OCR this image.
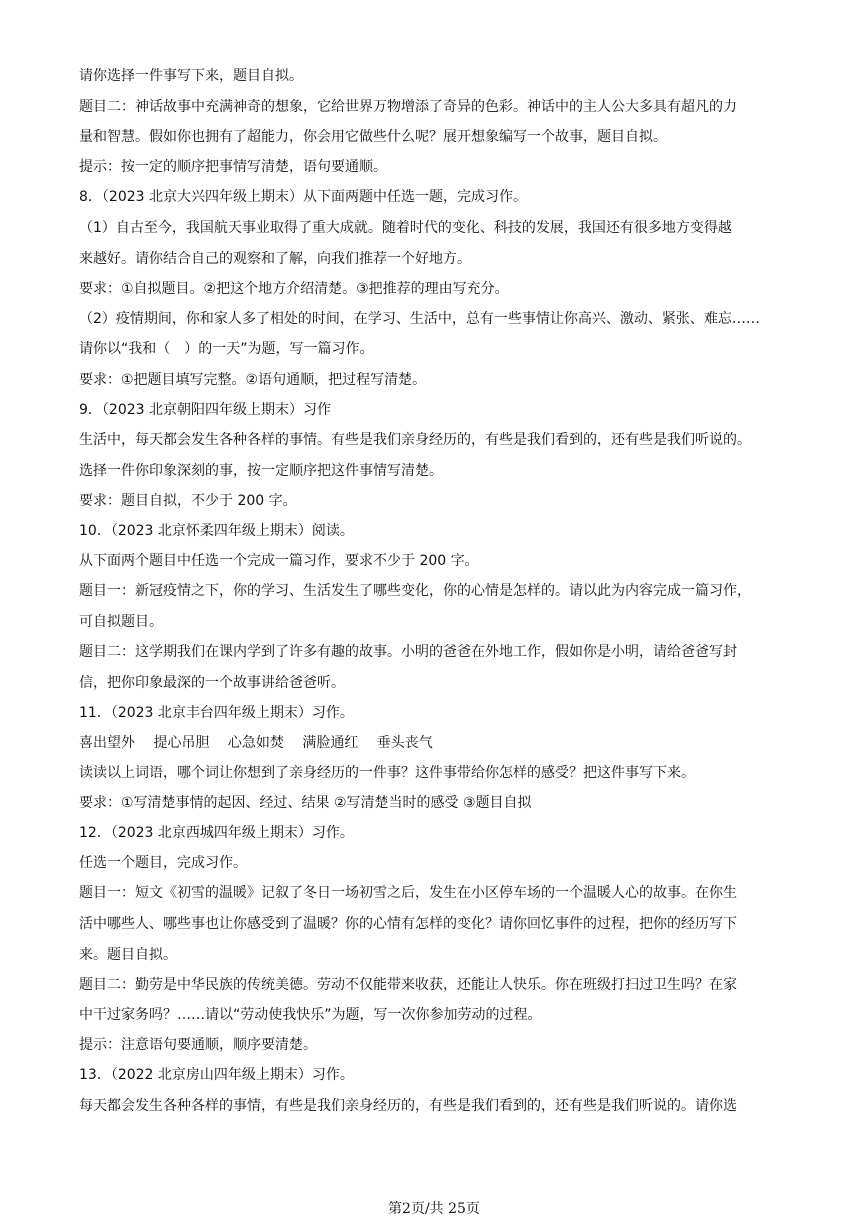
请你选择一件事写下来，题目自拟。

题目二：神话故事中充满神奇的想象，它给世界万物增添了奇异的色彩。神话中的主人公大多具有超凡的力

量和智慧。假如你也拥有了超能力，你会用它做些什么呢？展开想象编写一个故事，题目自拟。

提示：按一定的顺序把事情写清楚，语句要通顺。

8．（2023 北京大兴四年级上期末）从下面两题中任选一题，完成习作。

（1）自古至今，我国航天事业取得了重大成就。随着时代的变化、科技的发展，我国还有很多地方变得越

来越好。请你结合自己的观察和了解，向我们推荐一个好地方。

要求：①自拟题目。②把这个地方介绍清楚。③把推荐的理由写充分。

（2）疫情期间，你和家人多了相处的时间，在学习、生活中，总有一些事情让你高兴、激动、紧张、难忘……

请你以“我和（　）的一天”为题，写一篇习作。

要求：①把题目填写完整。②语句通顺，把过程写清楚。

9．（2023 北京朝阳四年级上期末）习作

生活中，每天都会发生各种各样的事情。有些是我们亲身经历的，有些是我们看到的，还有些是我们听说的。

选择一件你印象深刻的事，按一定顺序把这件事情写清楚。

要求：题目自拟，不少于 200 字。

10．（2023 北京怀柔四年级上期末）阅读。

从下面两个题目中任选一个完成一篇习作，要求不少于 200 字。

题目一：新冠疫情之下，你的学习、生活发生了哪些变化，你的心情是怎样的。请以此为内容完成一篇习作，

可自拟题目。

题目二：这学期我们在课内学到了许多有趣的故事。小明的爸爸在外地工作，假如你是小明，请给爸爸写封

信，把你印象最深的一个故事讲给爸爸听。

11．（2023 北京丰台四年级上期末）习作。

喜出望外　 提心吊胆　 心急如焚　 满脸通红　 垂头丧气

读读以上词语，哪个词让你想到了亲身经历的一件事？这件事带给你怎样的感受？把这件事写下来。

要求：①写清楚事情的起因、经过、结果 ②写清楚当时的感受 ③题目自拟

12．（2023 北京西城四年级上期末）习作。

任选一个题目，完成习作。

题目一：短文《初雪的温暖》记叙了冬日一场初雪之后，发生在小区停车场的一个温暖人心的故事。在你生

活中哪些人、哪些事也让你感受到了温暖？你的心情有怎样的变化？请你回忆事件的过程，把你的经历写下

来。题目自拟。

题目二：勤劳是中华民族的传统美德。劳动不仅能带来收获，还能让人快乐。你在班级打扫过卫生吗？在家

中干过家务吗？……请以“劳动使我快乐”为题，写一次你参加劳动的过程。

提示：注意语句要通顺，顺序要清楚。

13．（2022 北京房山四年级上期末）习作。

每天都会发生各种各样的事情，有些是我们亲身经历的，有些是我们看到的，还有些是我们听说的。请你选

第2页/共 25页
